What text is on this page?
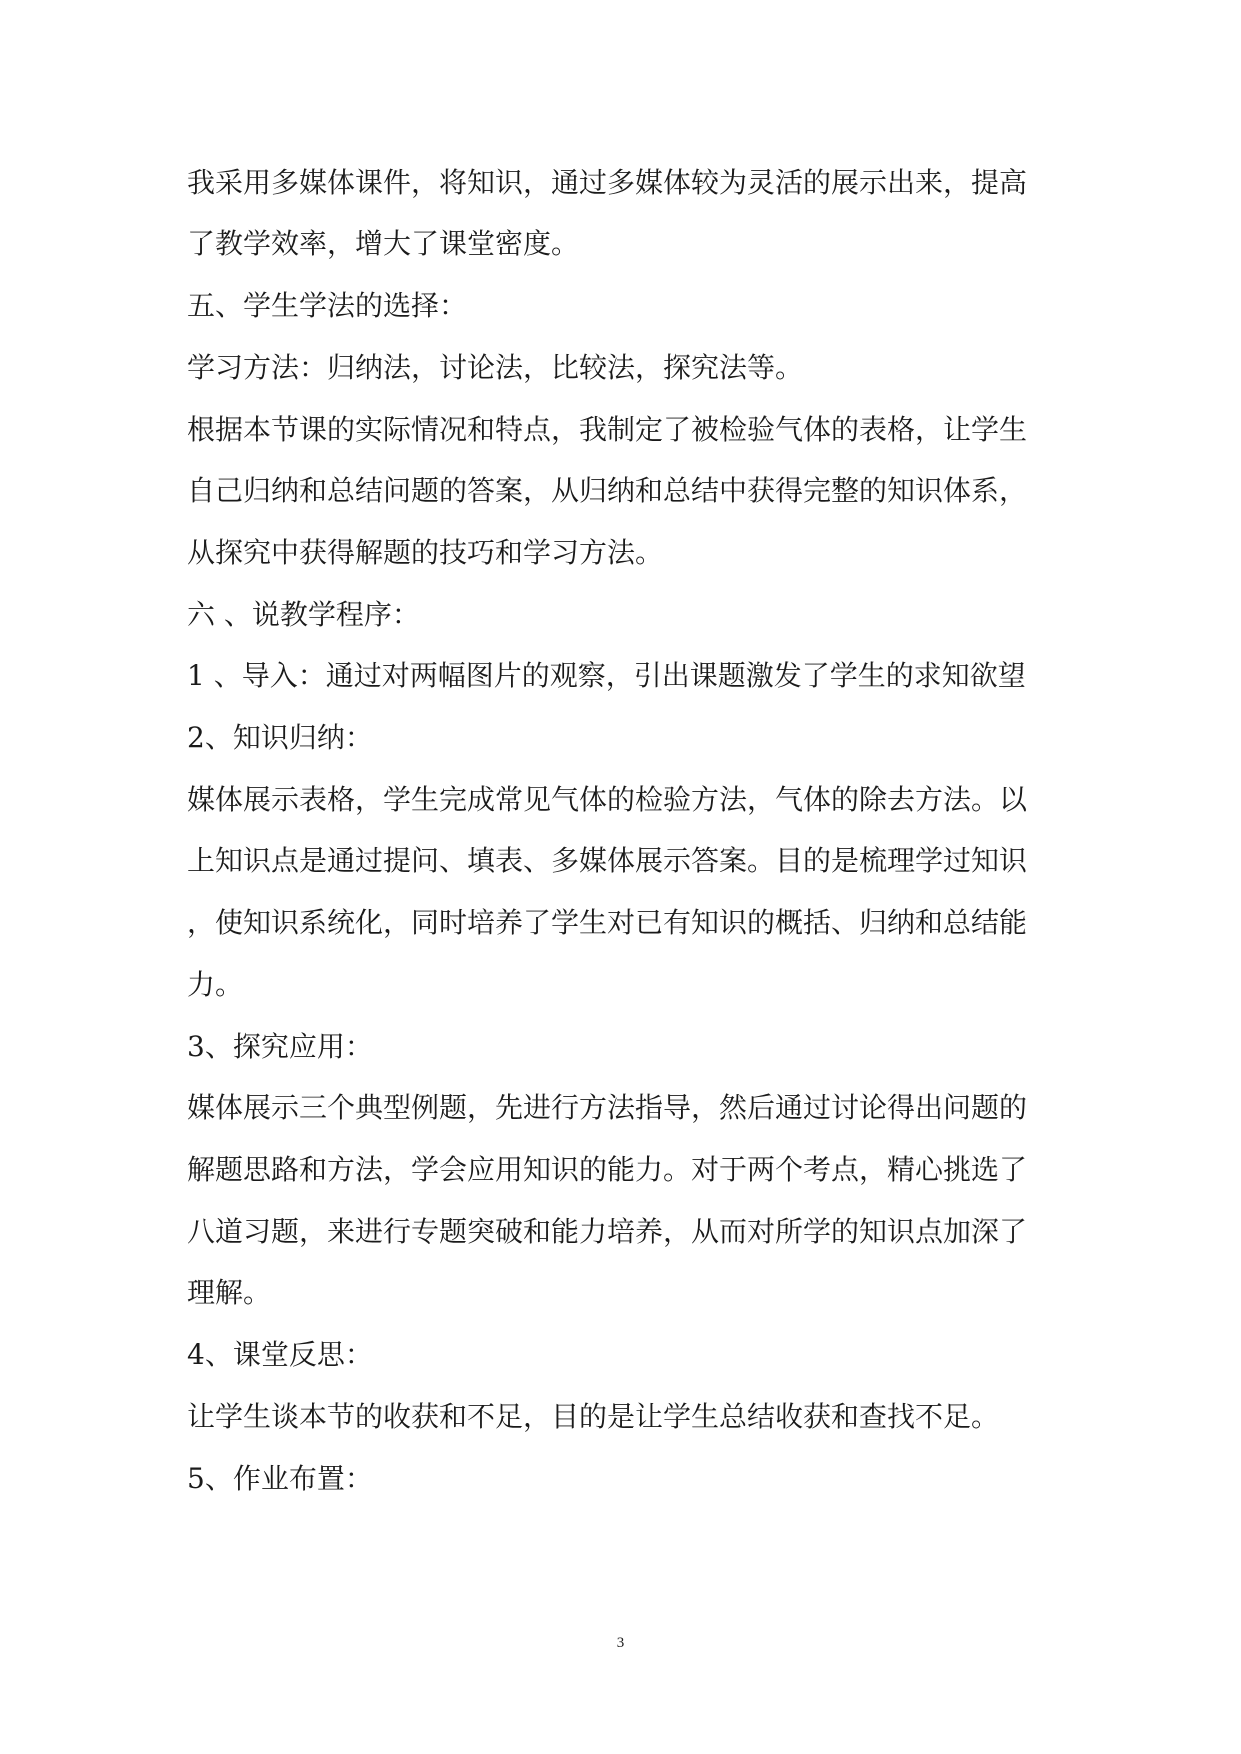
我采用多媒体课件，将知识，通过多媒体较为灵活的展示出来，提高

了教学效率，增大了课堂密度。

五、学生学法的选择：

学习方法：归纳法，讨论法，比较法，探究法等。

根据本节课的实际情况和特点，我制定了被检验气体的表格，让学生

自己归纳和总结问题的答案，从归纳和总结中获得完整的知识体系，

从探究中获得解题的技巧和学习方法。

六 、说教学程序：

1 、导入：通过对两幅图片的观察，引出课题激发了学生的求知欲望

2、知识归纳：

媒体展示表格，学生完成常见气体的检验方法，气体的除去方法。以

上知识点是通过提问、填表、多媒体展示答案。目的是梳理学过知识

，使知识系统化，同时培养了学生对已有知识的概括、归纳和总结能

力。

3、探究应用：

媒体展示三个典型例题，先进行方法指导，然后通过讨论得出问题的

解题思路和方法，学会应用知识的能力。对于两个考点，精心挑选了

八道习题，来进行专题突破和能力培养，从而对所学的知识点加深了

理解。

4、课堂反思：

让学生谈本节的收获和不足，目的是让学生总结收获和查找不足。

5、作业布置：

3
